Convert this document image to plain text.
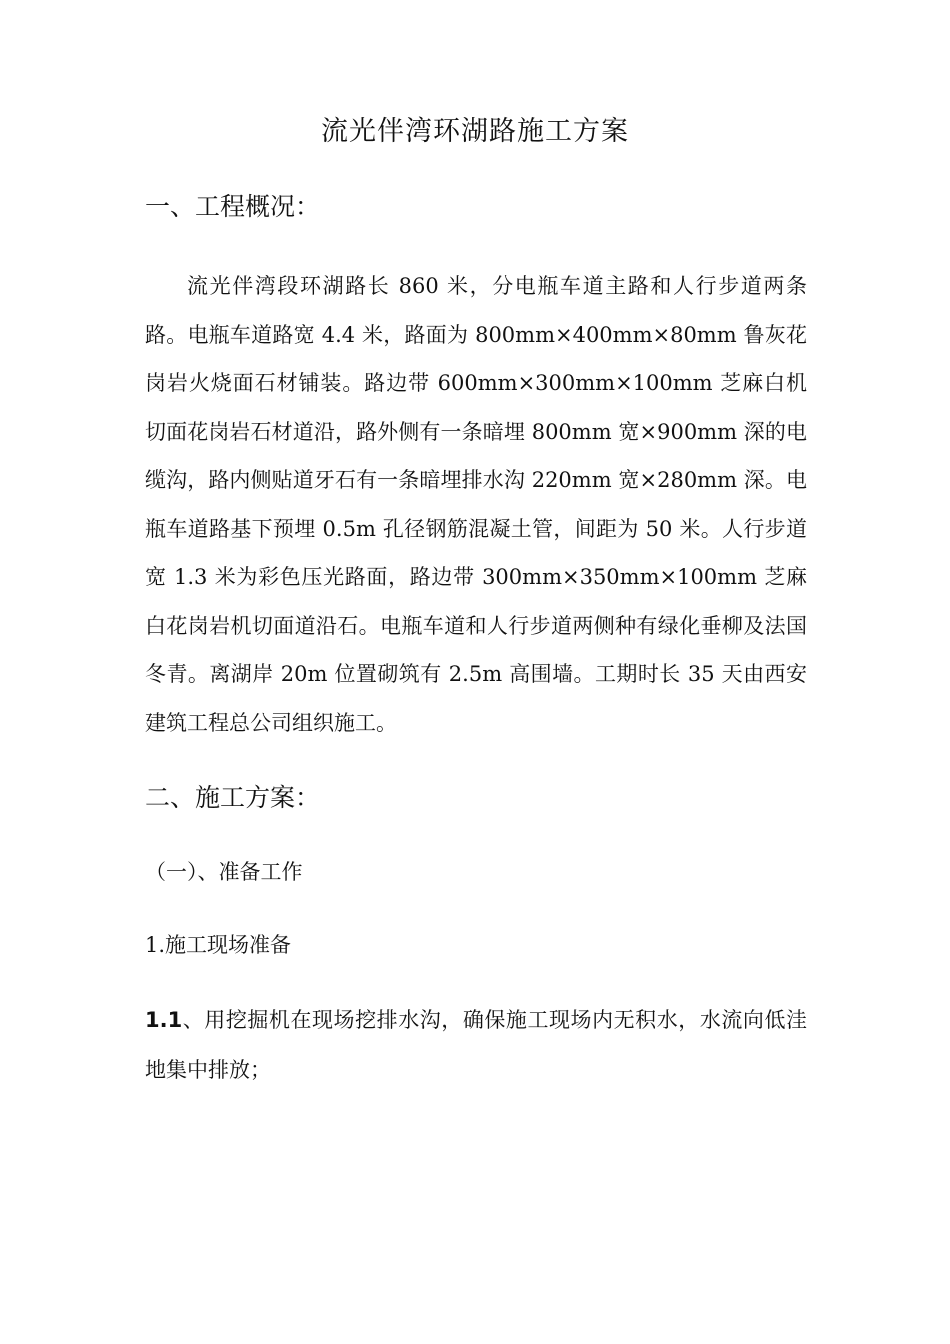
流光伴湾环湖路施工方案
一、工程概况：

流光伴湾段环湖路长 860 米，分电瓶车道主路和人行步道两条路。电瓶车道路宽 4.4 米，路面为 800mm×400mm×80mm 鲁灰花岗岩火烧面石材铺装。路边带 600mm×300mm×100mm 芝麻白机切面花岗岩石材道沿，路外侧有一条暗埋 800mm 宽×900mm 深的电缆沟，路内侧贴道牙石有一条暗埋排水沟 220mm 宽×280mm 深。电瓶车道路基下预埋 0.5m 孔径钢筋混凝土管，间距为 50 米。人行步道宽 1.3 米为彩色压光路面，路边带 300mm×350mm×100mm 芝麻白花岗岩机切面道沿石。电瓶车道和人行步道两侧种有绿化垂柳及法国冬青。离湖岸 20m 位置砌筑有 2.5m 高围墙。工期时长 35 天由西安建筑工程总公司组织施工。

二、施工方案：
（一）、准备工作
1.施工现场准备

1.1、用挖掘机在现场挖排水沟，确保施工现场内无积水，水流向低洼地集中排放；
